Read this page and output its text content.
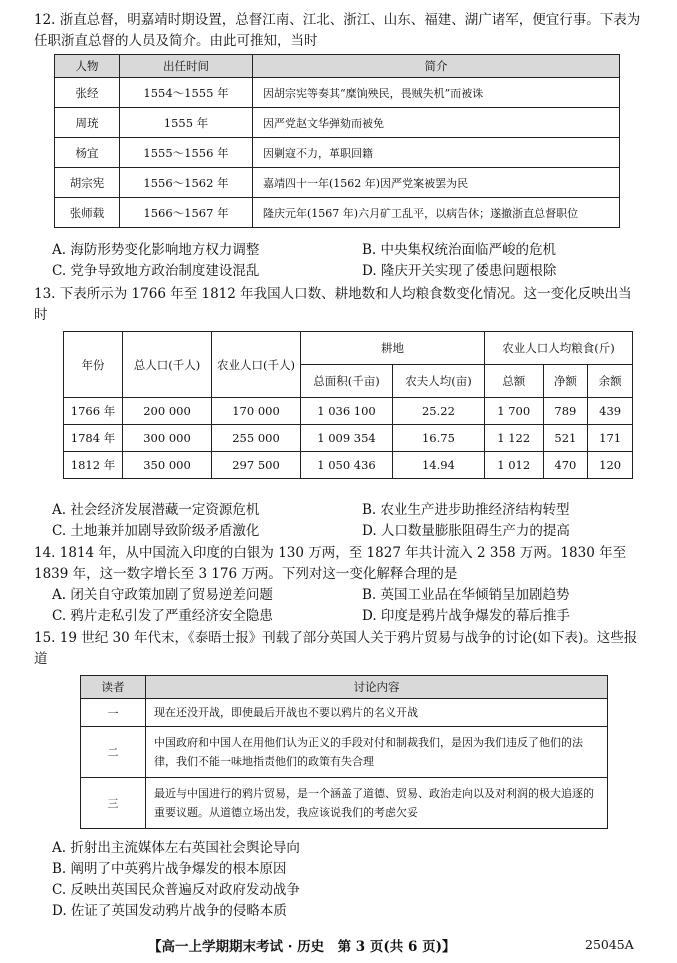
12. 浙直总督，明嘉靖时期设置，总督江南、江北、浙江、山东、福建、湖广诸军，便宜行事。下表为任职浙直总督的人员及简介。由此可推知，当时
人物	出任时间	简介
张经	1554～1555 年	因胡宗宪等奏其“糜饷殃民，畏贼失机”而被诛
周珫	1555 年	因严党赵文华弹劾而被免
杨宜	1555～1556 年	因剿寇不力，革职回籍
胡宗宪	1556～1562 年	嘉靖四十一年(1562 年)因严党案被罢为民
张师载	1566～1567 年	隆庆元年(1567 年)六月矿工乱平，以病告休；遂撤浙直总督职位
A. 海防形势变化影响地方权力调整	B. 中央集权统治面临严峻的危机
C. 党争导致地方政治制度建设混乱	D. 隆庆开关实现了倭患问题根除
13. 下表所示为 1766 年至 1812 年我国人口数、耕地数和人均粮食数变化情况。这一变化反映出当时
年份	总人口(千人)	农业人口(千人)	耕地		农业人口人均粮食(斤)		
			总面积(千亩)	农夫人均(亩)	总额	净额	余额
1766 年	200 000	170 000	1 036 100	25.22	1 700	789	439
1784 年	300 000	255 000	1 009 354	16.75	1 122	521	171
1812 年	350 000	297 500	1 050 436	14.94	1 012	470	120
A. 社会经济发展潜藏一定资源危机	B. 农业生产进步助推经济结构转型
C. 土地兼并加剧导致阶级矛盾激化	D. 人口数量膨胀阻碍生产力的提高
14. 1814 年，从中国流入印度的白银为 130 万两，至 1827 年共计流入 2 358 万两。1830 年至 1839 年，这一数字增长至 3 176 万两。下列对这一变化解释合理的是
A. 闭关自守政策加剧了贸易逆差问题	B. 英国工业品在华倾销呈加剧趋势
C. 鸦片走私引发了严重经济安全隐患	D. 印度是鸦片战争爆发的幕后推手
15. 19 世纪 30 年代末，《泰晤士报》刊载了部分英国人关于鸦片贸易与战争的讨论(如下表)。这些报道
读者	讨论内容
一	现在还没开战，即使最后开战也不要以鸦片的名义开战
二	中国政府和中国人在用他们认为正义的手段对付和制裁我们，是因为我们违反了他们的法律，我们不能一味地指责他们的政策有失合理
三	最近与中国进行的鸦片贸易，是一个涵盖了道德、贸易、政治走向以及对利润的极大追逐的重要议题。从道德立场出发，我应该说我们的考虑欠妥
A. 折射出主流媒体左右英国社会舆论导向
B. 阐明了中英鸦片战争爆发的根本原因
C. 反映出英国民众普遍反对政府发动战争
D. 佐证了英国发动鸦片战争的侵略本质
【高一上学期期末考试 · 历史　第 3 页(共 6 页)】	25045A
